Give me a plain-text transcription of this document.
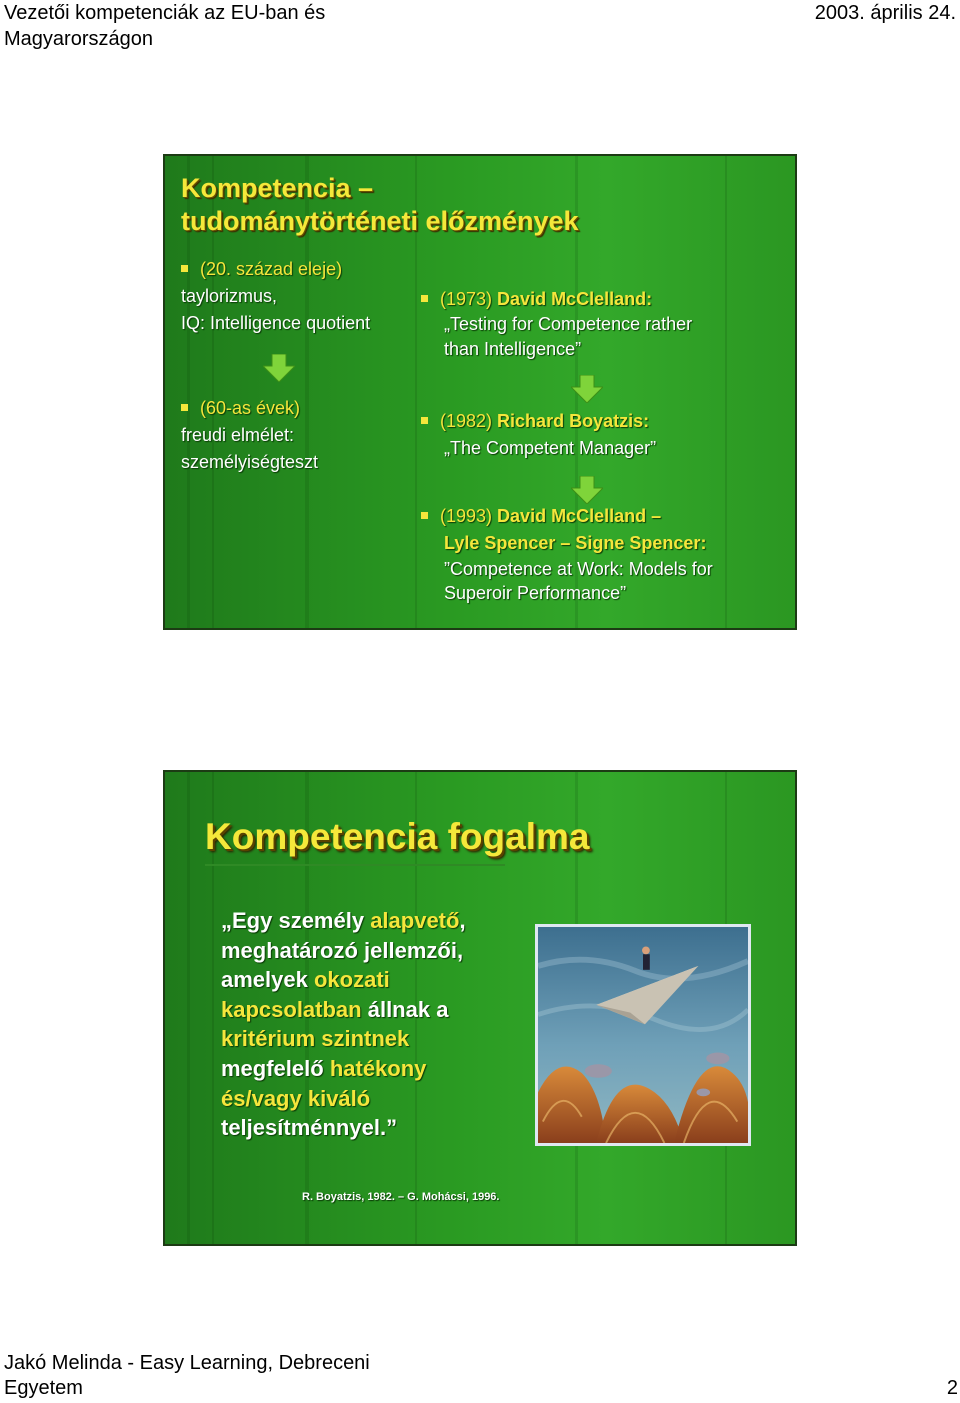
Vezetői kompetenciák az EU-ban és
Magyarországon
2003. április 24.
Kompetencia –
tudománytörténeti előzmények
(20. század eleje)
taylorizmus,
IQ: Intelligence quotient
(60-as évek)
freudi elmélet:
személyiségteszt
(1973) David McClelland:
„Testing for Competence rather
than Intelligence”
(1982) Richard Boyatzis:
„The Competent Manager”
(1993) David McClelland –
Lyle Spencer – Signe Spencer:
”Competence at Work: Models for
Superoir Performance”
Kompetencia fogalma
„Egy személy alapvető,
meghatározó jellemzői,
amelyek okozati
kapcsolatban állnak a
kritérium szintnek
megfelelő hatékony
és/vagy kiváló
teljesítménnyel.”
R. Boyatzis, 1982. – G. Mohácsi, 1996.
Jakó Melinda - Easy Learning, Debreceni
Egyetem	2
